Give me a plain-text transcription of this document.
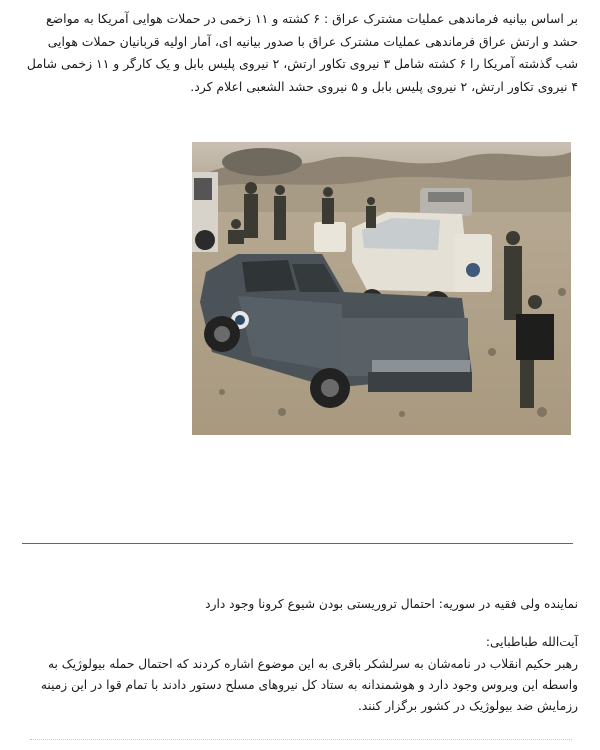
بر اساس بیانیه فرماندهی عملیات مشترک عراق : ۶ کشته و ۱۱ زخمی در حملات هوایی آمریکا به مواضع حشد و ارتش عراق فرماندهی عملیات مشترک عراق با صدور بیانیه ای، آمار اولیه قربانیان حملات هوایی شب گذشته آمریکا را ۶ کشته شامل ۳ نیروی تکاور ارتش، ۲ نیروی پلیس بابل و یک کارگر و ۱۱ زخمی شامل ۴ نیروی تکاور ارتش، ۲ نیروی پلیس بابل و ۵ نیروی حشد الشعبی اعلام کرد.
نماینده ولی فقیه در سوریه: احتمال تروریستی بودن شیوع کرونا وجود دارد
آیت‌الله طباطبایی:
رهبر حکیم انقلاب در نامه‌شان به سرلشکر باقری به این موضوع اشاره کردند که احتمال حمله بیولوژیک به واسطه این ویروس وجود دارد و هوشمندانه به ستاد کل نیروهای مسلح دستور دادند با تمام قوا در این زمینه رزمایش ضد بیولوژیک در کشور برگزار کنند.
